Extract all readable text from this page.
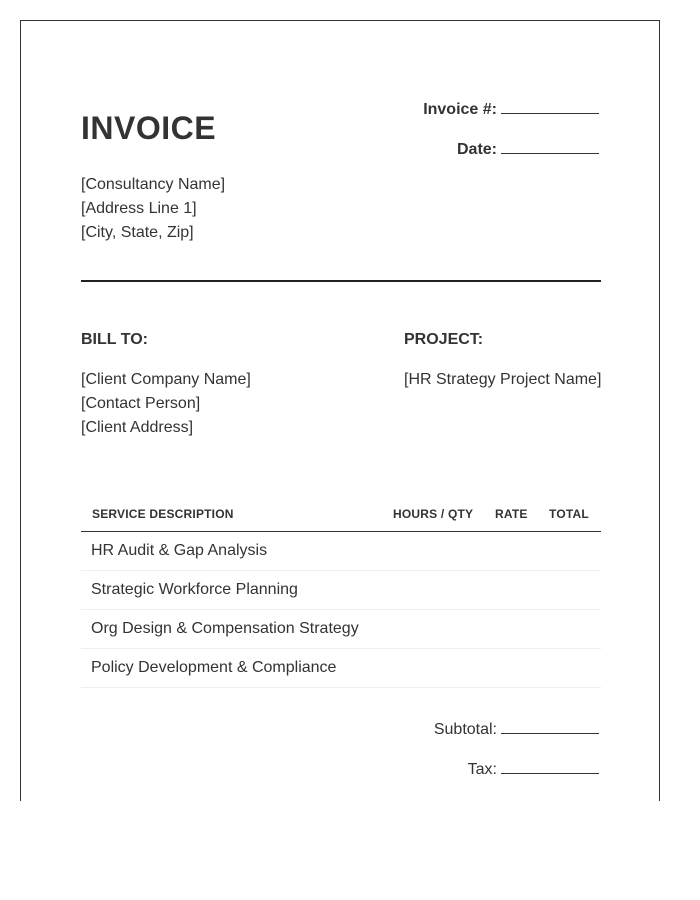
INVOICE
Invoice #:
Date:
[Consultancy Name]
[Address Line 1]
[City, State, Zip]
BILL TO:
[Client Company Name]
[Contact Person]
[Client Address]
PROJECT:
[HR Strategy Project Name]
SERVICE DESCRIPTION	HOURS / QTY RATE TOTAL
HR Audit & Gap Analysis
Strategic Workforce Planning
Org Design & Compensation Strategy
Policy Development & Compliance
Subtotal:
Tax:
